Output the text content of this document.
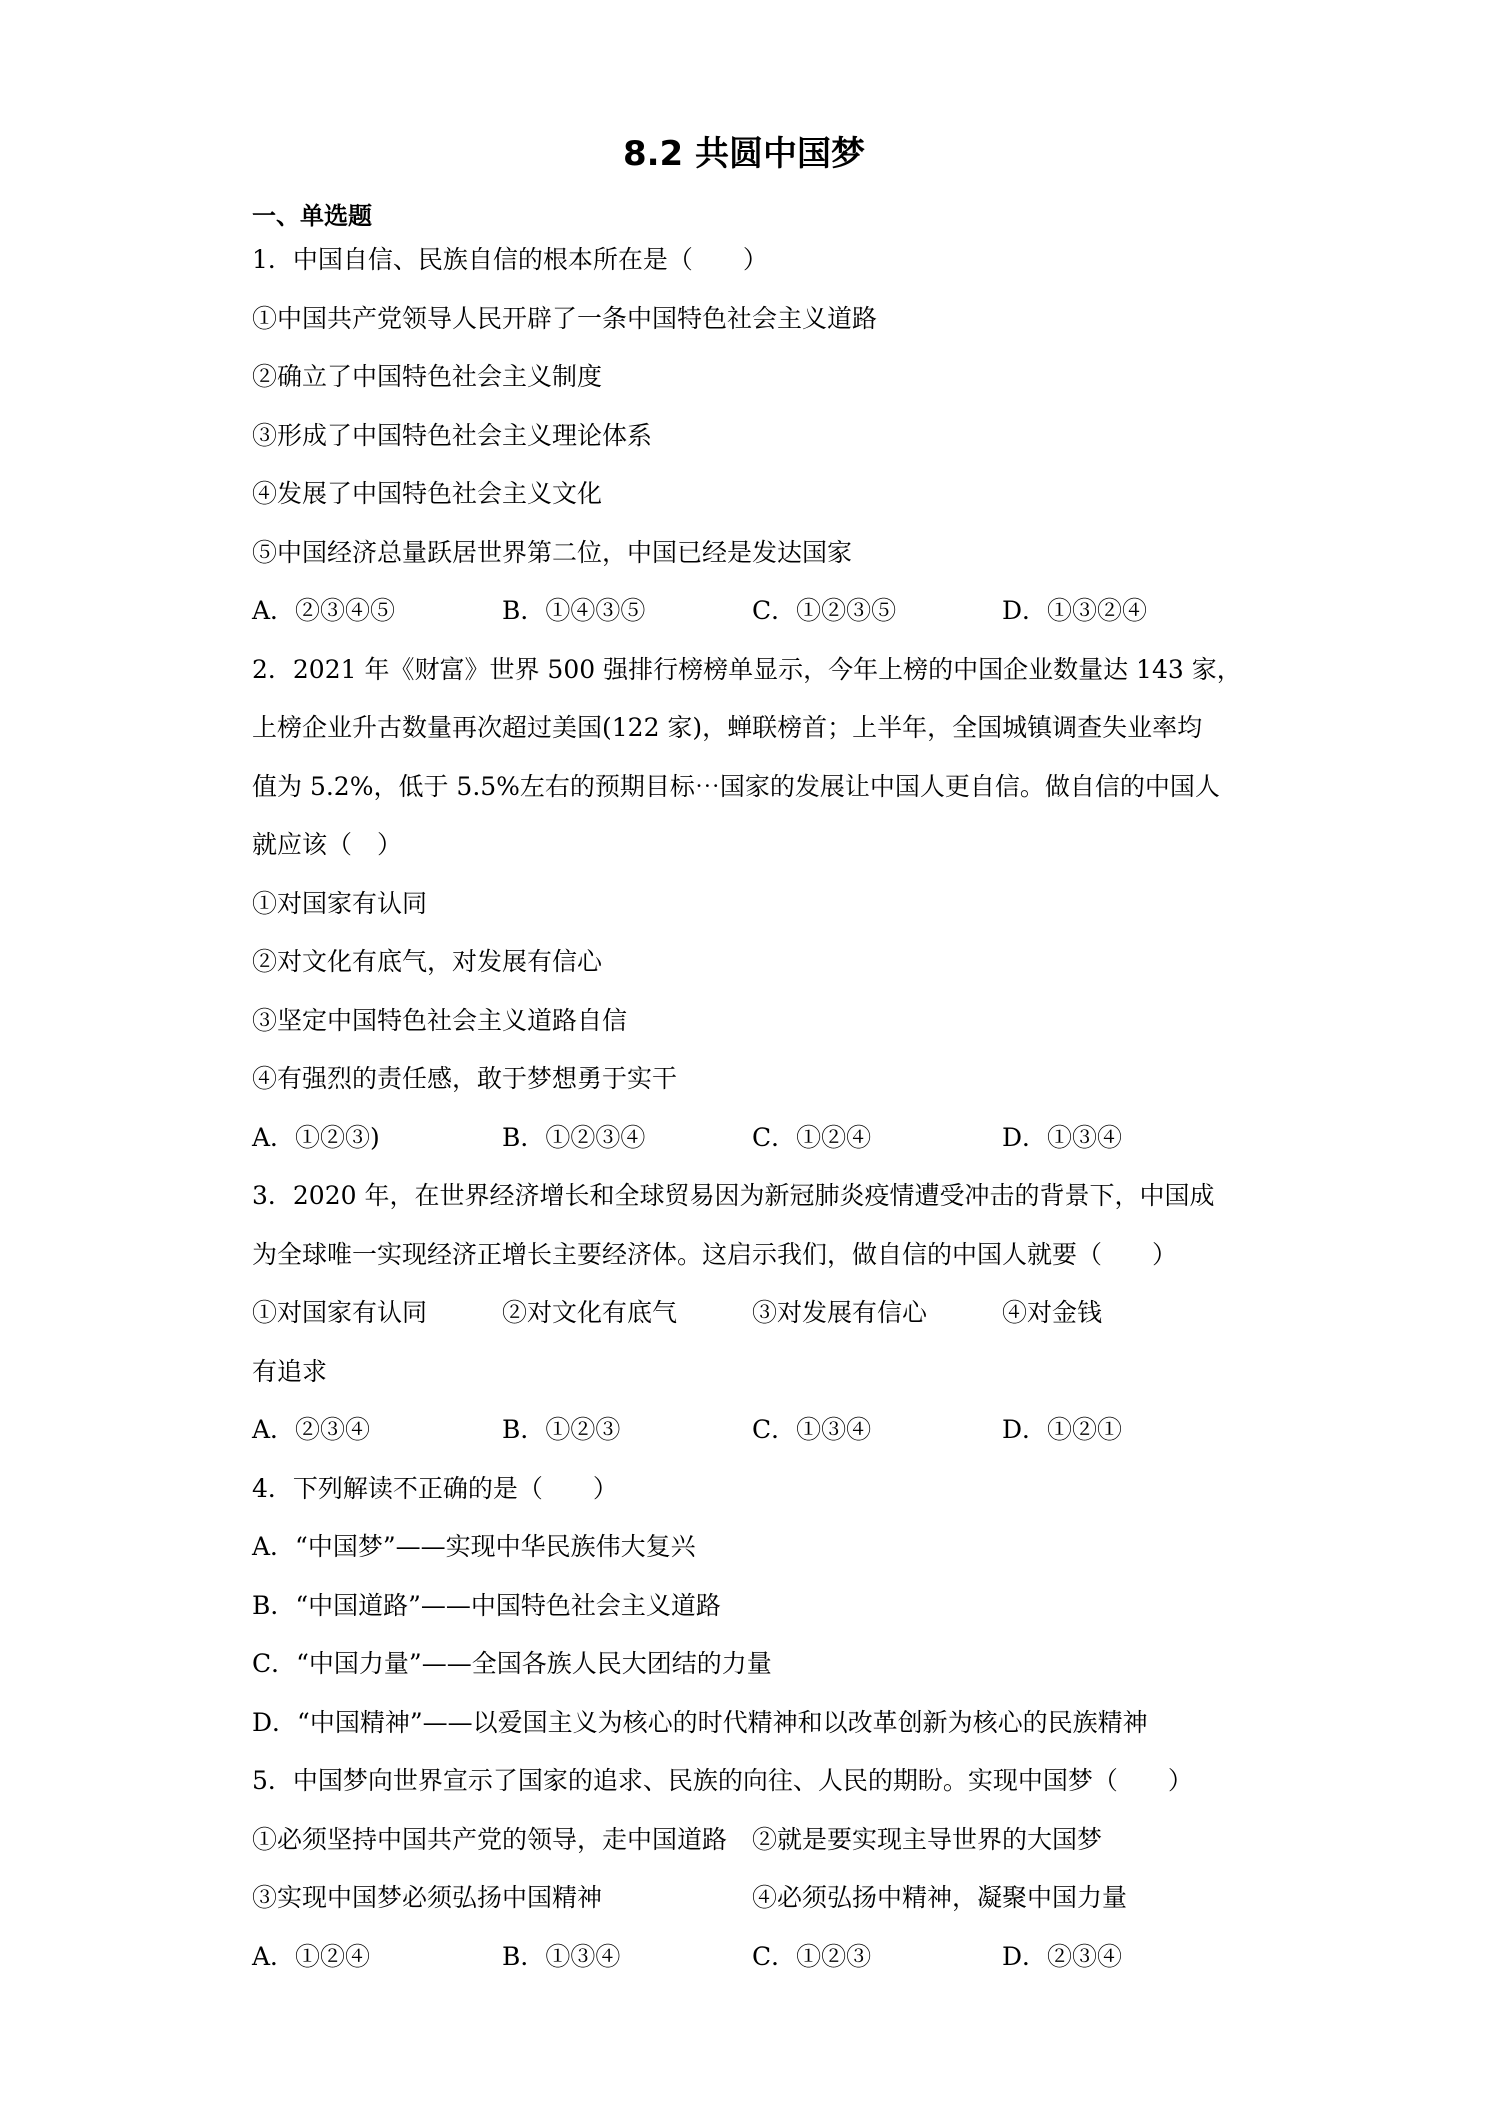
8.2 共圆中国梦
一、单选题
1．中国自信、民族自信的根本所在是（　　）
①中国共产党领导人民开辟了一条中国特色社会主义道路
②确立了中国特色社会主义制度
③形成了中国特色社会主义理论体系
④发展了中国特色社会主义文化
⑤中国经济总量跃居世界第二位，中国已经是发达国家
A．②③④⑤	B．①④③⑤	C．①②③⑤	D．①③②④
2．2021 年《财富》世界 500 强排行榜榜单显示，今年上榜的中国企业数量达 143 家，
上榜企业升古数量再次超过美国(122 家)，蝉联榜首；上半年，全国城镇调查失业率均
值为 5.2%，低于 5.5%左右的预期目标⋯国家的发展让中国人更自信。做自信的中国人
就应该（　）
①对国家有认同
②对文化有底气，对发展有信心
③坚定中国特色社会主义道路自信
④有强烈的责任感，敢于梦想勇于实干
A．①②③)	B．①②③④	C．①②④	D．①③④
3．2020 年，在世界经济增长和全球贸易因为新冠肺炎疫情遭受冲击的背景下，中国成
为全球唯一实现经济正增长主要经济体。这启示我们，做自信的中国人就要（　　）
①对国家有认同	②对文化有底气	③对发展有信心	④对金钱
有追求
A．②③④	B．①②③	C．①③④	D．①②①
4．下列解读不正确的是（　　）
A．“中国梦”——实现中华民族伟大复兴
B．“中国道路”——中国特色社会主义道路
C．“中国力量”——全国各族人民大团结的力量
D．“中国精神”——以爱国主义为核心的时代精神和以改革创新为核心的民族精神
5．中国梦向世界宣示了国家的追求、民族的向往、人民的期盼。实现中国梦（　　）
①必须坚持中国共产党的领导，走中国道路 ②就是要实现主导世界的大国梦
③实现中国梦必须弘扬中国精神	④必须弘扬中精神，凝聚中国力量
A．①②④	B．①③④	C．①②③	D．②③④
